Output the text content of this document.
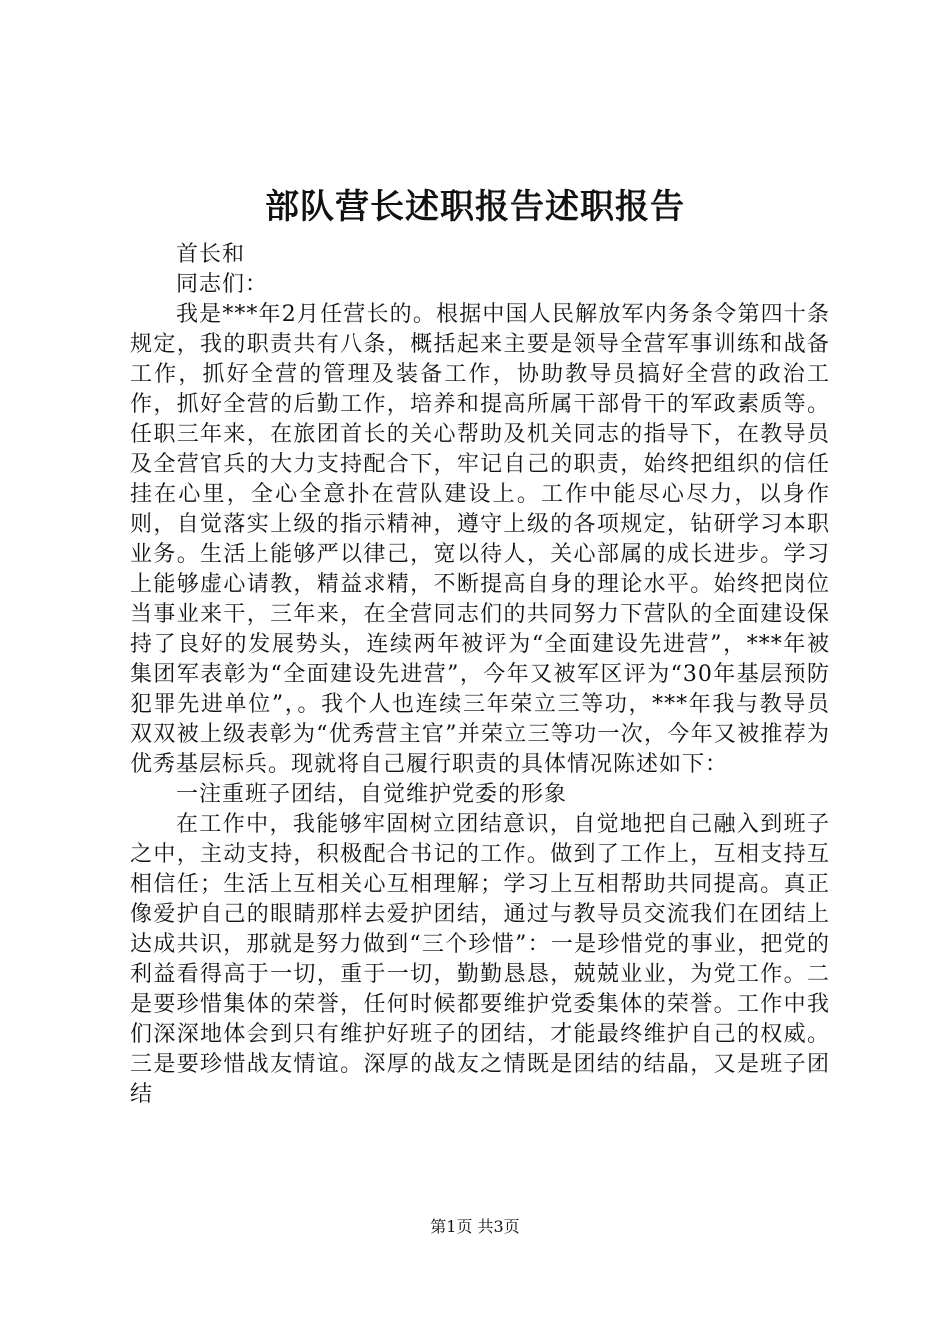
部队营长述职报告述职报告

首长和

同志们：

我是***年2月任营长的。根据中国人民解放军内务条令第四十条规定，我的职责共有八条，概括起来主要是领导全营军事训练和战备工作，抓好全营的管理及装备工作，协助教导员搞好全营的政治工作，抓好全营的后勤工作，培养和提高所属干部骨干的军政素质等。任职三年来，在旅团首长的关心帮助及机关同志的指导下，在教导员及全营官兵的大力支持配合下，牢记自己的职责，始终把组织的信任挂在心里，全心全意扑在营队建设上。工作中能尽心尽力，以身作则，自觉落实上级的指示精神，遵守上级的各项规定，钻研学习本职业务。生活上能够严以律己，宽以待人，关心部属的成长进步。学习上能够虚心请教，精益求精，不断提高自身的理论水平。始终把岗位当事业来干，三年来，在全营同志们的共同努力下营队的全面建设保持了良好的发展势头，连续两年被评为“全面建设先进营”，***年被集团军表彰为“全面建设先进营”，今年又被军区评为“30年基层预防犯罪先进单位”，。我个人也连续三年荣立三等功，***年我与教导员双双被上级表彰为“优秀营主官”并荣立三等功一次，今年又被推荐为优秀基层标兵。现就将自己履行职责的具体情况陈述如下：

一注重班子团结，自觉维护党委的形象

在工作中，我能够牢固树立团结意识，自觉地把自己融入到班子之中，主动支持，积极配合书记的工作。做到了工作上，互相支持互相信任；生活上互相关心互相理解；学习上互相帮助共同提高。真正像爱护自己的眼睛那样去爱护团结，通过与教导员交流我们在团结上达成共识，那就是努力做到“三个珍惜”：一是珍惜党的事业，把党的利益看得高于一切，重于一切，勤勤恳恳，兢兢业业，为党工作。二是要珍惜集体的荣誉，任何时候都要维护党委集体的荣誉。工作中我们深深地体会到只有维护好班子的团结，才能最终维护自己的权威。三是要珍惜战友情谊。深厚的战友之情既是团结的结晶，又是班子团结

第1页 共3页
